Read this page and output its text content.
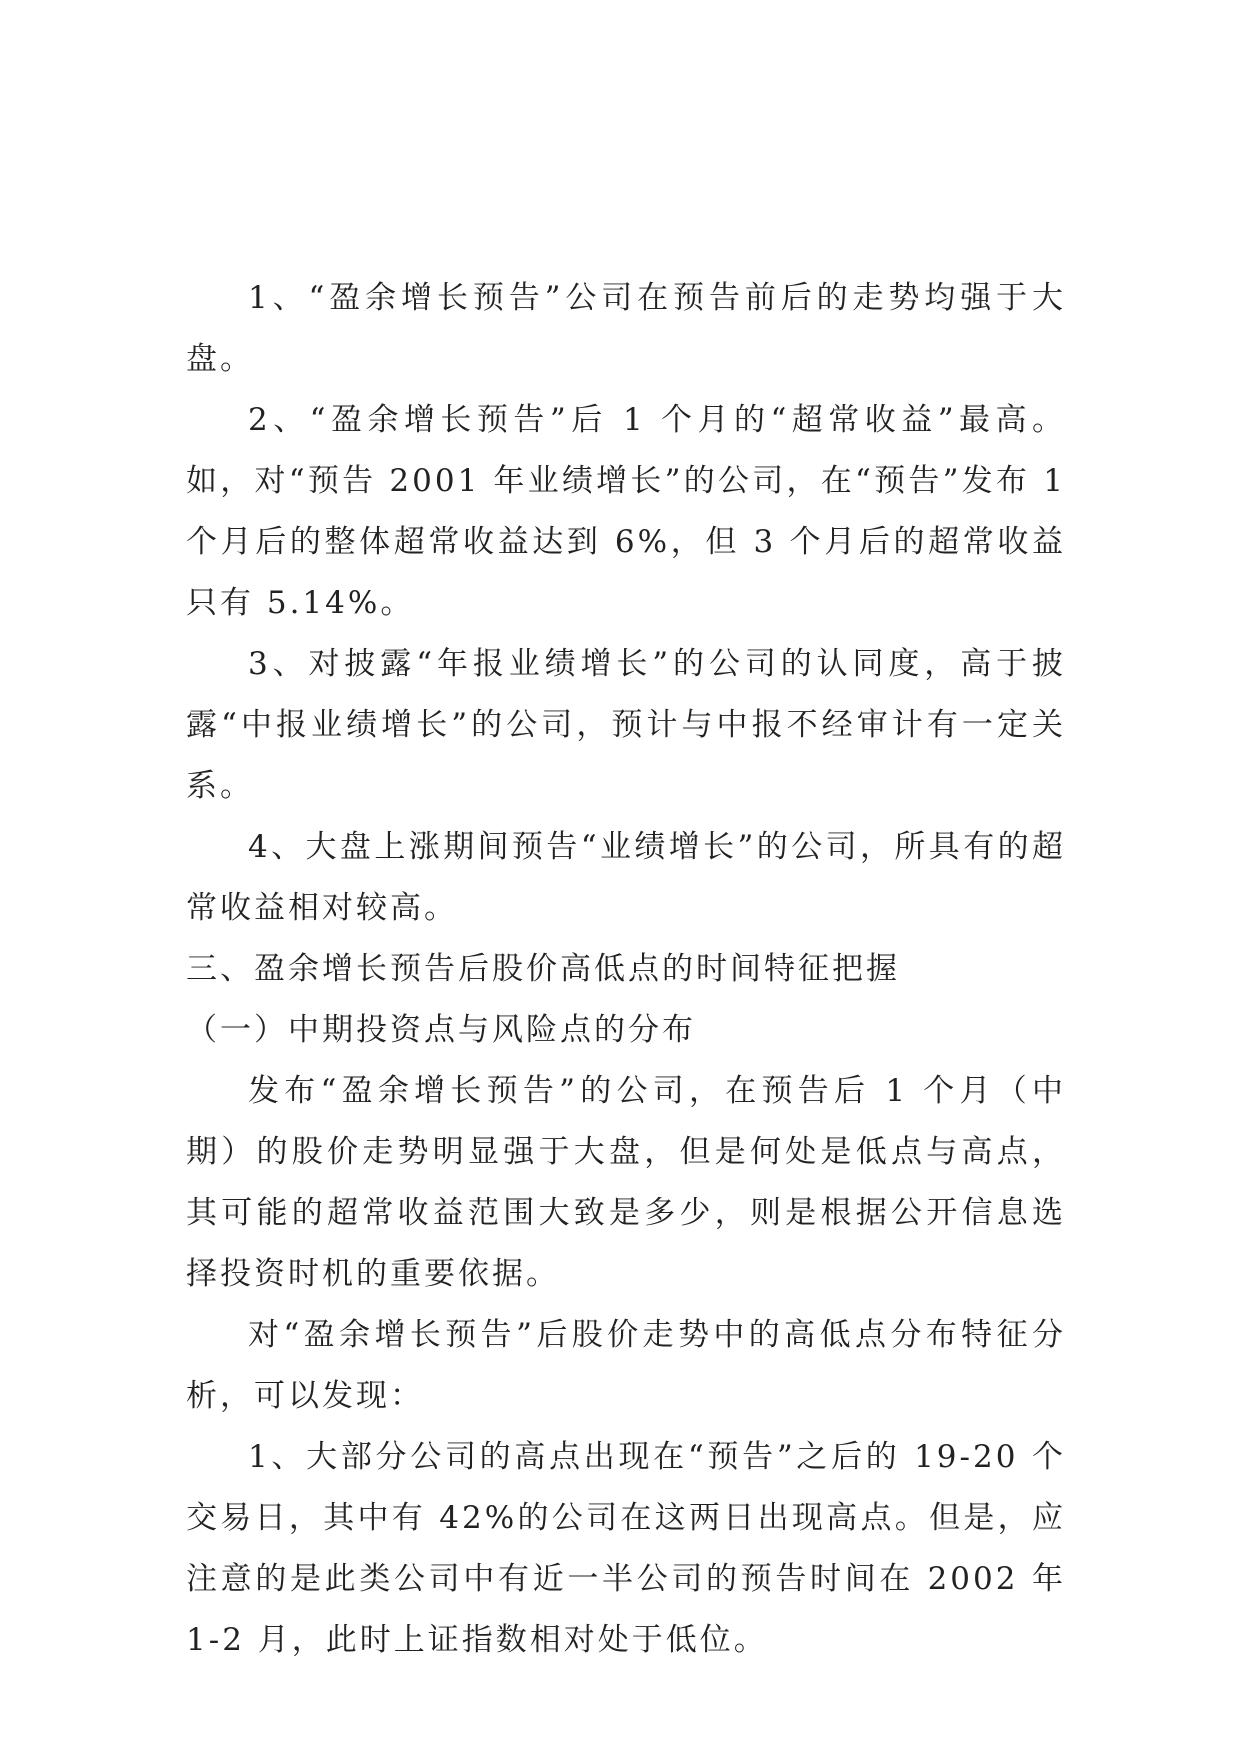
1、“盈余增长预告”公司在预告前后的走势均强于大盘。

2、“盈余增长预告”后 1 个月的“超常收益”最高。如，对“预告 2001 年业绩增长”的公司，在“预告”发布 1 个月后的整体超常收益达到 6%，但 3 个月后的超常收益只有 5.14%。

3、对披露“年报业绩增长”的公司的认同度，高于披露“中报业绩增长”的公司，预计与中报不经审计有一定关系。

4、大盘上涨期间预告“业绩增长”的公司，所具有的超常收益相对较高。

三、盈余增长预告后股价高低点的时间特征把握

（一）中期投资点与风险点的分布

发布“盈余增长预告”的公司，在预告后 1 个月（中期）的股价走势明显强于大盘，但是何处是低点与高点，其可能的超常收益范围大致是多少，则是根据公开信息选择投资时机的重要依据。

对“盈余增长预告”后股价走势中的高低点分布特征分析，可以发现：

1、大部分公司的高点出现在“预告”之后的 19-20 个交易日，其中有 42%的公司在这两日出现高点。但是，应注意的是此类公司中有近一半公司的预告时间在 2002 年 1-2 月，此时上证指数相对处于低位。
